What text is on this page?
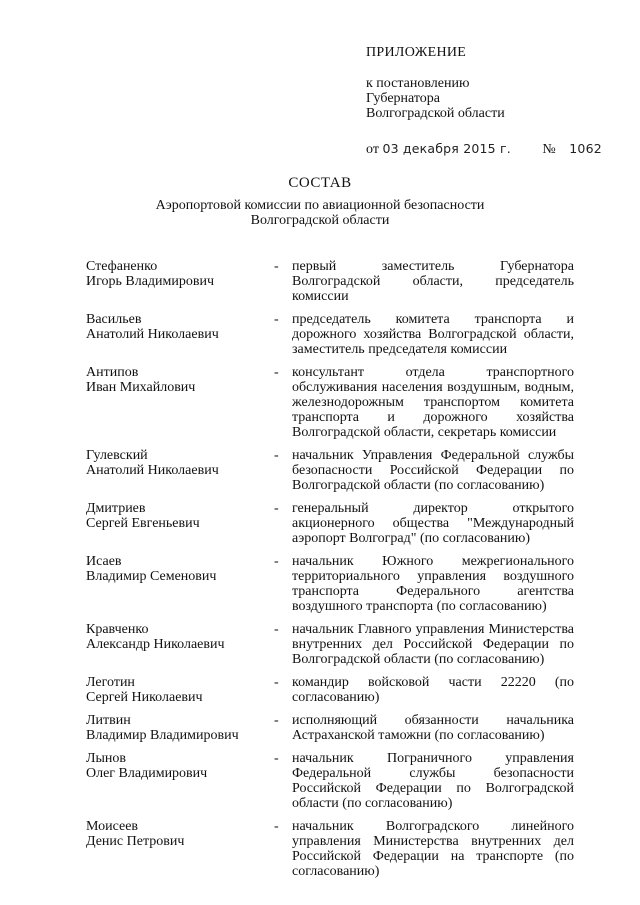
ПРИЛОЖЕНИЕ
к постановлению
Губернатора
Волгоградской области
от 03 декабря 2015 г. № 1062
СОСТАВ
Аэропортовой комиссии по авиационной безопасности
Волгоградской области
Стефаненко
Игорь Владимирович
- первый заместитель Губернатора Волгоградской области, председатель комиссии
Васильев
Анатолий Николаевич
- председатель комитета транспорта и дорожного хозяйства Волгоградской области, заместитель председателя комиссии
Антипов
Иван Михайлович
- консультант отдела транспортного обслуживания населения воздушным, водным, железнодорожным транспортом комитета транспорта и дорожного хозяйства Волгоградской области, секретарь комиссии
Гулевский
Анатолий Николаевич
- начальник Управления Федеральной службы безопасности Российской Федерации по Волгоградской области (по согласованию)
Дмитриев
Сергей Евгеньевич
- генеральный директор открытого акционерного общества "Международный аэропорт Волгоград" (по согласованию)
Исаев
Владимир Семенович
- начальник Южного межрегионального территориального управления воздушного транспорта Федерального агентства воздушного транспорта (по согласованию)
Кравченко
Александр Николаевич
- начальник Главного управления Министерства внутренних дел Российской Федерации по Волгоградской области (по согласованию)
Леготин
Сергей Николаевич
- командир войсковой части 22220 (по согласованию)
Литвин
Владимир Владимирович
- исполняющий обязанности начальника Астраханской таможни (по согласованию)
Лынов
Олег Владимирович
- начальник Пограничного управления Федеральной службы безопасности Российской Федерации по Волгоградской области (по согласованию)
Моисеев
Денис Петрович
- начальник Волгоградского линейного управления Министерства внутренних дел Российской Федерации на транспорте (по согласованию)
